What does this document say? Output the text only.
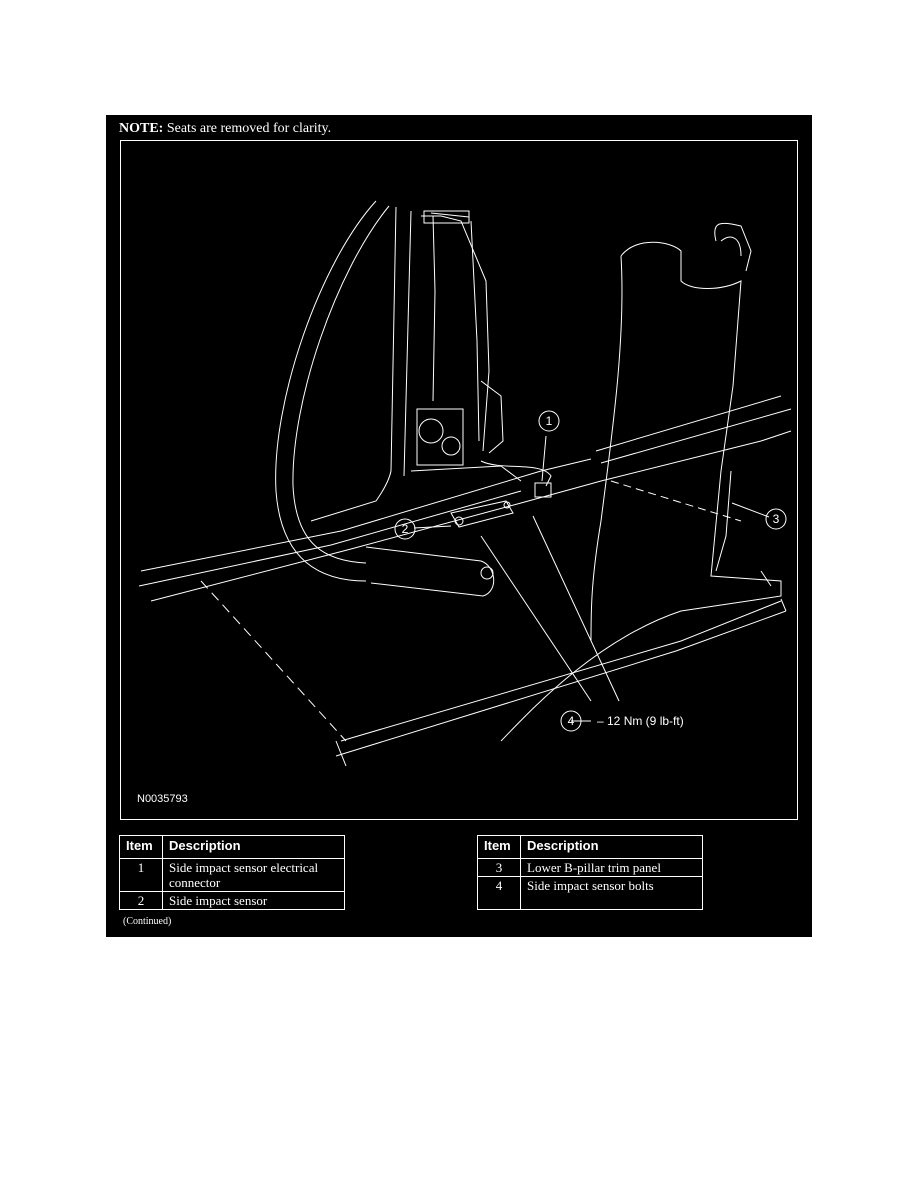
NOTE: Seats are removed for clarity.
1
2
3
4 – 12 Nm (9 lb-ft)
N0035793
Item	Description
1	Side impact sensor electrical connector
2	Side impact sensor
Item	Description
3	Lower B-pillar trim panel
4	Side impact sensor bolts
(Continued)
